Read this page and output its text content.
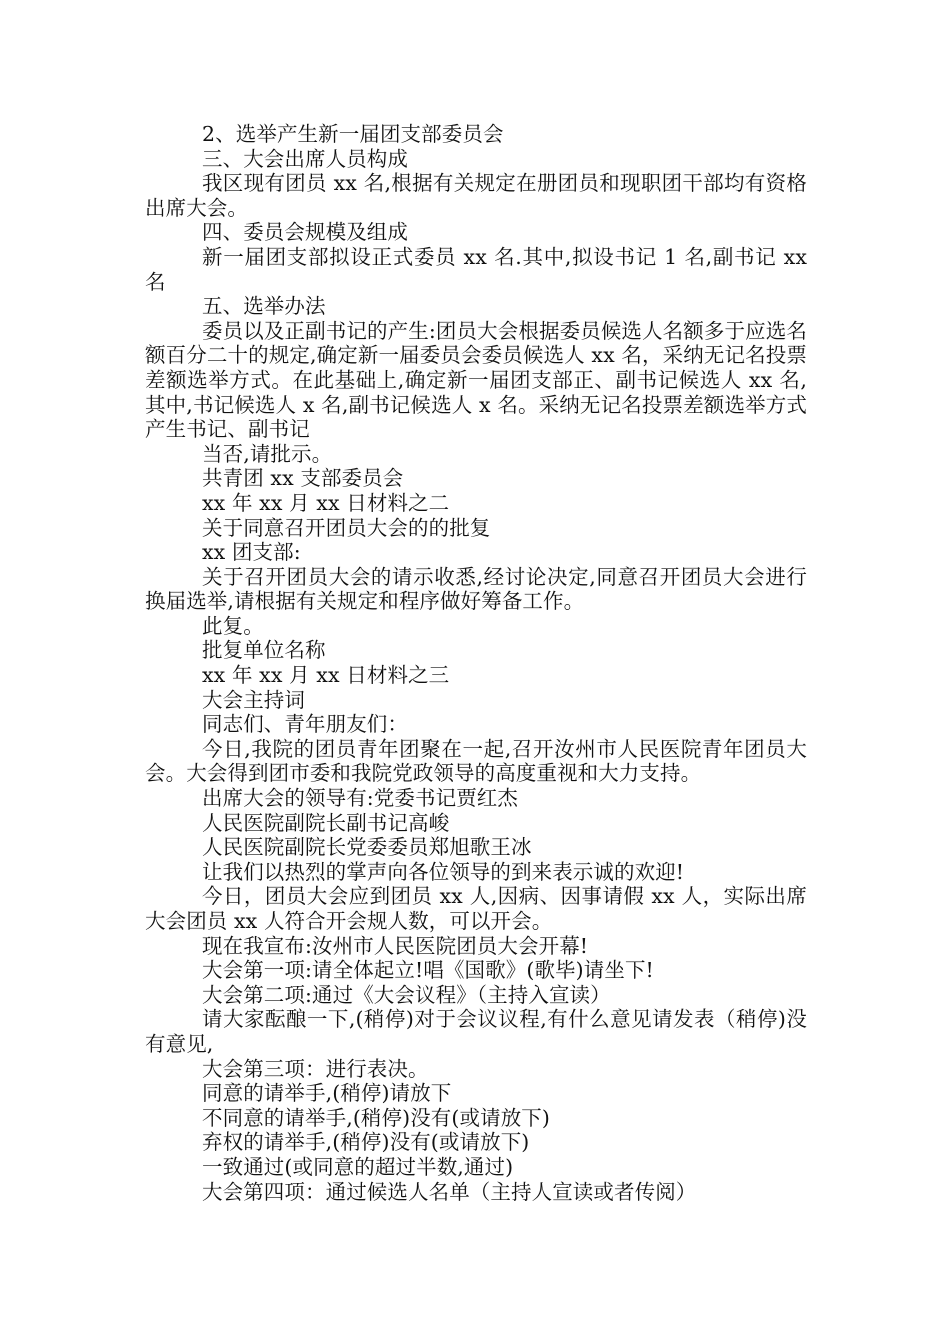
2、选举产生新一届团支部委员会

三、大会出席人员构成

我区现有团员 xx 名,根据有关规定在册团员和现职团干部均有资格出席大会。

四、委员会规模及组成

新一届团支部拟设正式委员 xx 名.其中,拟设书记 1 名,副书记 xx 名

五、选举办法

委员以及正副书记的产生:团员大会根据委员候选人名额多于应选名额百分二十的规定,确定新一届委员会委员候选人 xx 名，采纳无记名投票差额选举方式。在此基础上,确定新一届团支部正、副书记候选人 xx 名,其中,书记候选人 x 名,副书记候选人 x 名。采纳无记名投票差额选举方式产生书记、副书记

当否,请批示。

共青团 xx 支部委员会

xx 年 xx 月 xx 日材料之二

关于同意召开团员大会的的批复

xx 团支部:

关于召开团员大会的请示收悉,经讨论决定,同意召开团员大会进行换届选举,请根据有关规定和程序做好筹备工作。

此复。

批复单位名称

xx 年 xx 月 xx 日材料之三

大会主持词

同志们、青年朋友们：

今日,我院的团员青年团聚在一起,召开汝州市人民医院青年团员大会。大会得到团市委和我院党政领导的高度重视和大力支持。

出席大会的领导有:党委书记贾红杰

人民医院副院长副书记高峻

人民医院副院长党委委员郑旭歌王冰

让我们以热烈的掌声向各位领导的到来表示诚的欢迎!

今日，团员大会应到团员 xx 人,因病、因事请假 xx 人，实际出席大会团员 xx 人符合开会规人数，可以开会。

现在我宣布:汝州市人民医院团员大会开幕!

大会第一项:请全体起立!唱《国歌》(歌毕)请坐下!

大会第二项:通过《大会议程》（主持入宣读）

请大家酝酿一下,(稍停)对于会议议程,有什么意见请发表（稍停)没有意见,

大会第三项：进行表决。

同意的请举手,(稍停)请放下

不同意的请举手,(稍停)没有(或请放下)

弃权的请举手,(稍停)没有(或请放下)

一致通过(或同意的超过半数,通过)

大会第四项：通过候选人名单（主持人宣读或者传阅）
